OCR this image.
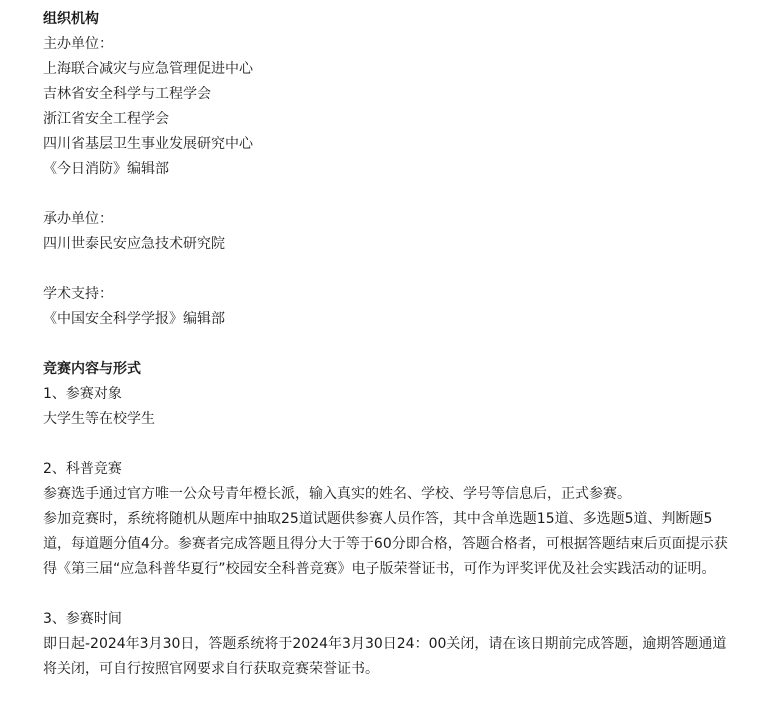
组织机构

主办单位：

上海联合减灾与应急管理促进中心

吉林省安全科学与工程学会

浙江省安全工程学会

四川省基层卫生事业发展研究中心

《今日消防》编辑部

承办单位：

四川世泰民安应急技术研究院

学术支持：

《中国安全科学学报》编辑部

竞赛内容与形式

1、参赛对象

大学生等在校学生

2、科普竞赛

参赛选手通过官方唯一公众号青年橙长派，输入真实的姓名、学校、学号等信息后，正式参赛。

参加竞赛时，系统将随机从题库中抽取25道试题供参赛人员作答，其中含单选题15道、多选题5道、判断题5道，每道题分值4分。参赛者完成答题且得分大于等于60分即合格，答题合格者，可根据答题结束后页面提示获得《第三届“应急科普华夏行”校园安全科普竞赛》电子版荣誉证书，可作为评奖评优及社会实践活动的证明。

3、参赛时间

即日起-2024年3月30日，答题系统将于2024年3月30日24：00关闭，请在该日期前完成答题，逾期答题通道将关闭，可自行按照官网要求自行获取竞赛荣誉证书。
